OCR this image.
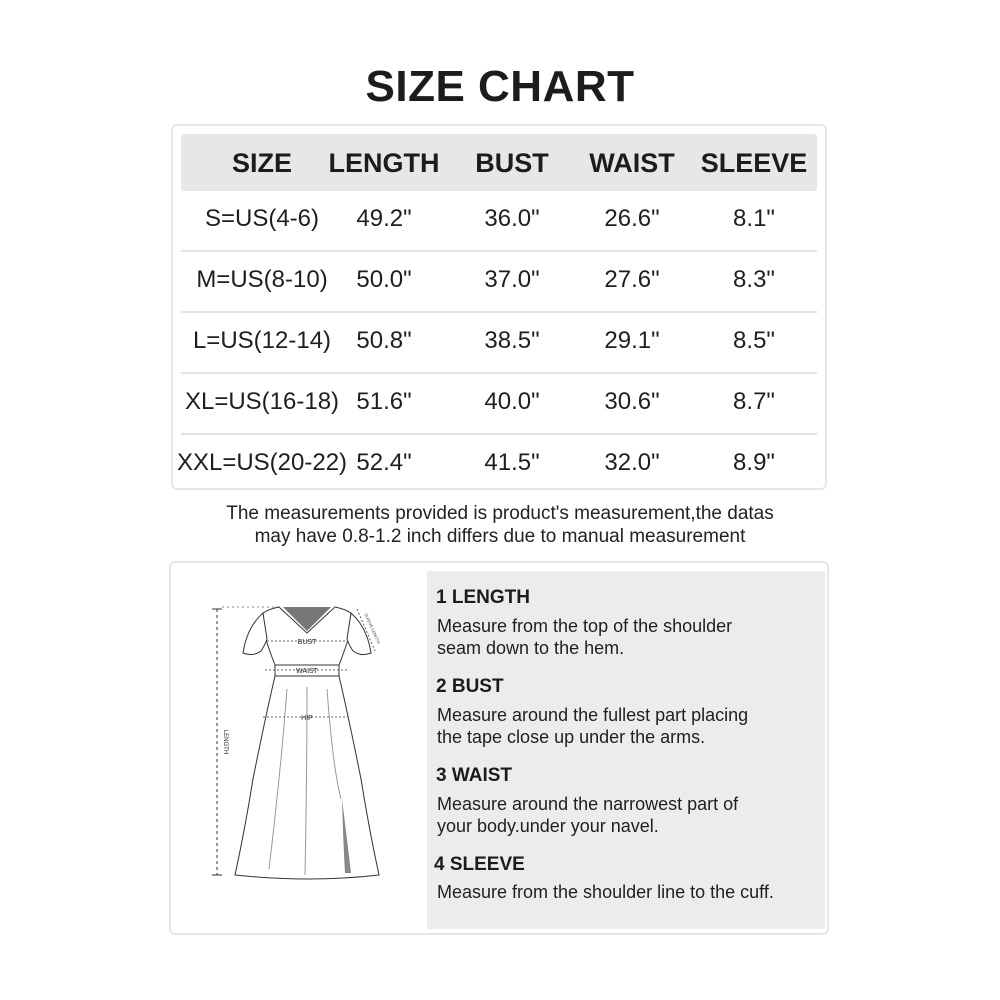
SIZE CHART
SIZE LENGTH BUST WAIST SLEEVE
S=US(4-6) 49.2"	36.0"	26.6"	8.1"
M=US(8-10) 50.0"	37.0"	27.6"	8.3"
L=US(12-14) 50.8"	38.5"	29.1"	8.5"
XL=US(16-18) 51.6"	40.0"	30.6"	8.7"
XXL=US(20-22) 52.4"	41.5"	32.0"	8.9"
The measurements provided is product's measurement,the datas
may have 0.8-1.2 inch differs due to manual measurement
BUST
WAIST
HIP
LENGTH
SLEEVE LENGTH
1 LENGTH
Measure from the top of the shoulder
seam down to the hem.
2 BUST
Measure around the fullest part placing
the tape close up under the arms.
3 WAIST
Measure around the narrowest part of
your body.under your navel.
4 SLEEVE
Measure from the shoulder line to the cuff.
